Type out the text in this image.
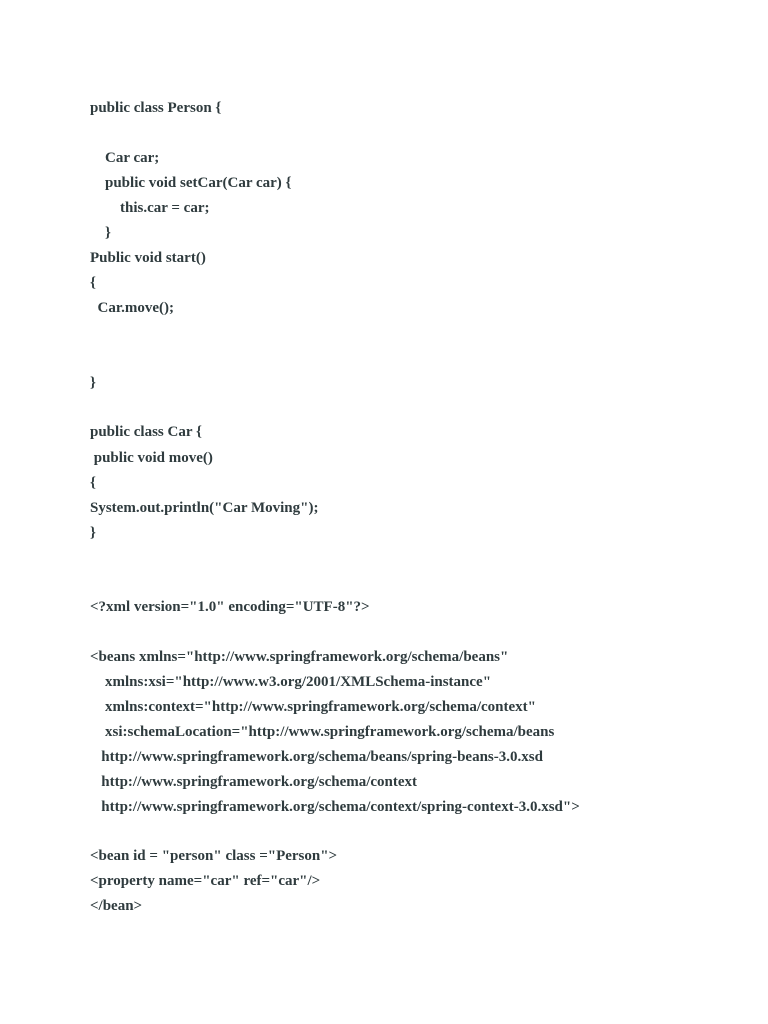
public class Person {
Car car;
public void setCar(Car car) {
this.car = car;
}
Public void start()
{
Car.move();
}
public class Car {
public void move()
{
System.out.println("Car Moving");
}
<?xml version="1.0" encoding="UTF-8"?>
<beans xmlns="http://www.springframework.org/schema/beans"
xmlns:xsi="http://www.w3.org/2001/XMLSchema-instance"
xmlns:context="http://www.springframework.org/schema/context"
xsi:schemaLocation="http://www.springframework.org/schema/beans
http://www.springframework.org/schema/beans/spring-beans-3.0.xsd
http://www.springframework.org/schema/context
http://www.springframework.org/schema/context/spring-context-3.0.xsd">
<bean id = "person" class ="Person">
<property name="car" ref="car"/>
</bean>
